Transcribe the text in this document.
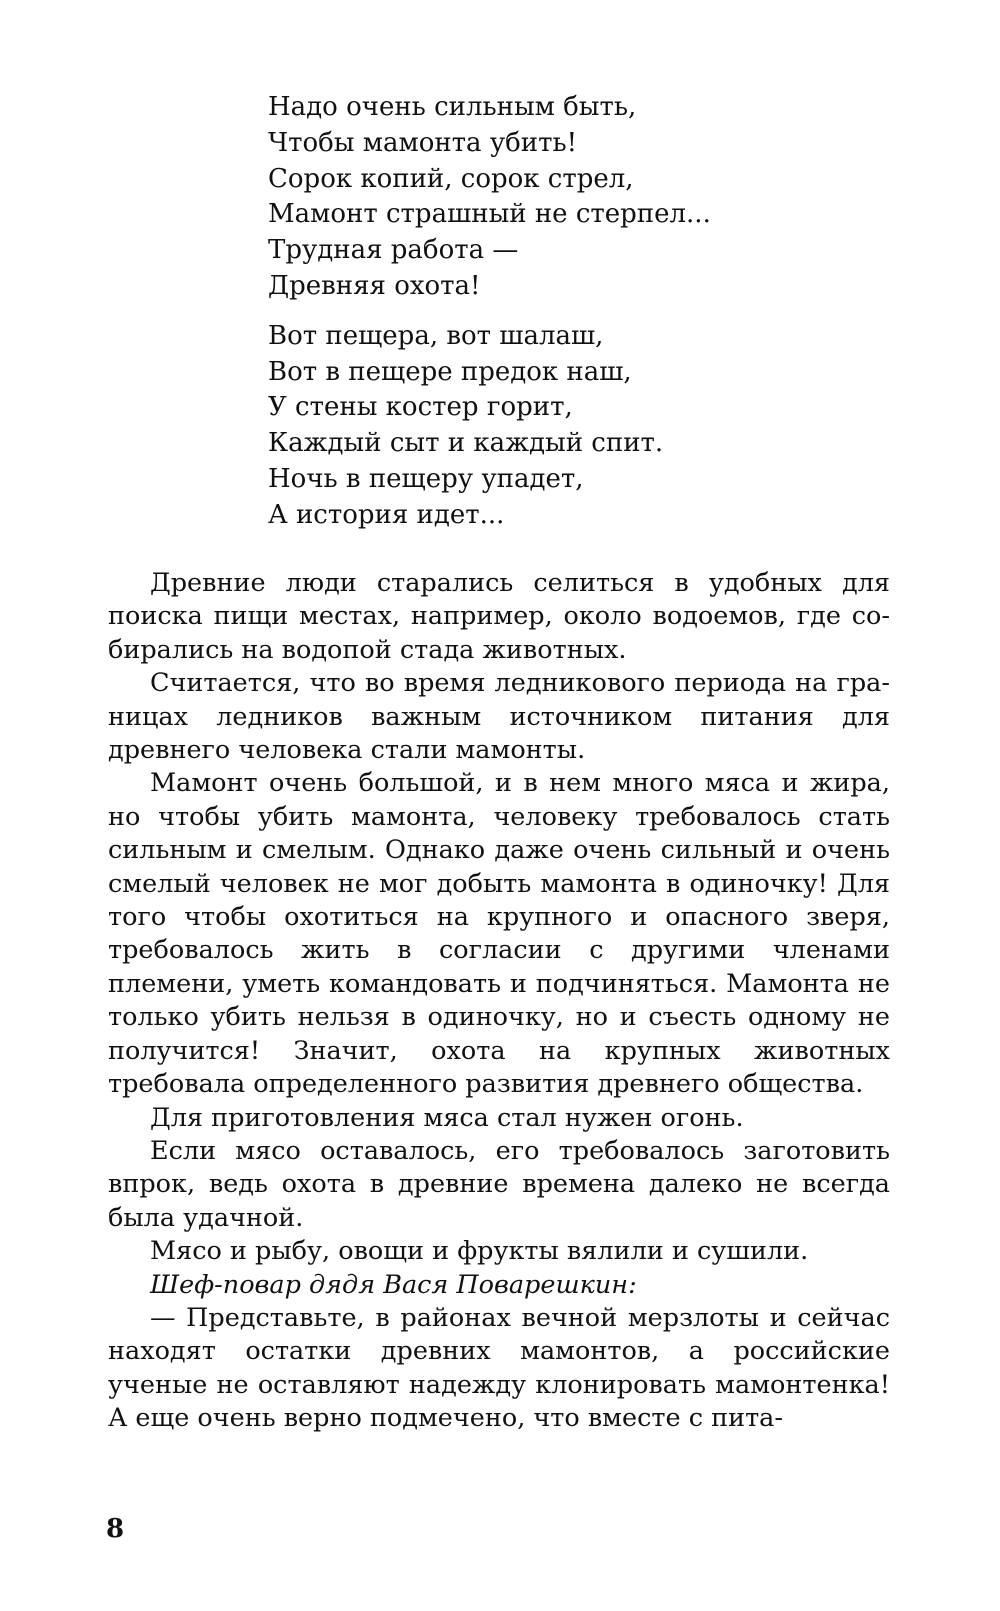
Надо очень сильным быть,
Чтобы мамонта убить!
Сорок копий, сорок стрел,
Мамонт страшный не стерпел...
Трудная работа —
Древняя охота!
Вот пещера, вот шалаш,
Вот в пещере предок наш,
У стены костер горит,
Каждый сыт и каждый спит.
Ночь в пещеру упадет,
А история идет...

Древние люди старались селиться в удобных для поиска пищи местах, например, около водоемов, где собирались на водопой стада животных.

Считается, что во время ледникового периода на границах ледников важным источником питания для древнего человека стали мамонты.

Мамонт очень большой, и в нем много мяса и жира, но чтобы убить мамонта, человеку требовалось стать сильным и смелым. Однако даже очень сильный и очень смелый человек не мог добыть мамонта в одиночку! Для того чтобы охотиться на крупного и опасного зверя, требовалось жить в согласии с другими членами племени, уметь командовать и подчиняться. Мамонта не только убить нельзя в одиночку, но и съесть одному не получится! Значит, охота на крупных животных требовала определенного развития древнего общества.

Для приготовления мяса стал нужен огонь.

Если мясо оставалось, его требовалось заготовить впрок, ведь охота в древние времена далеко не всегда была удачной.

Мясо и рыбу, овощи и фрукты вялили и сушили.

Шеф-повар дядя Вася Поварешкин:

— Представьте, в районах вечной мерзлоты и сейчас находят остатки древних мамонтов, а российские ученые не оставляют надежду клонировать мамонтенка! А еще очень верно подмечено, что вместе с пита-

8
